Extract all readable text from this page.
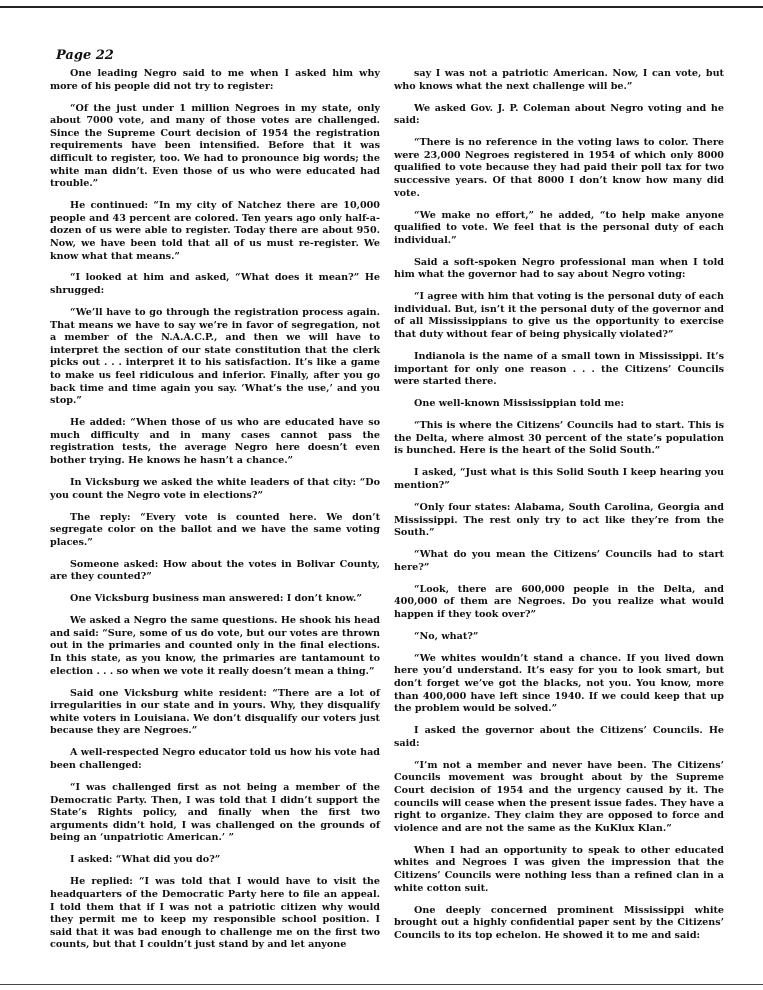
Page 22

One leading Negro said to me when I asked him why more of his people did not try to register:

“Of the just under 1 million Negroes in my state, only about 7000 vote, and many of those votes are challenged. Since the Supreme Court decision of 1954 the registration requirements have been intensified. Before that it was difficult to register, too. We had to pronounce big words; the white man didn’t. Even those of us who were educated had trouble.”

He continued: “In my city of Natchez there are 10,000 people and 43 percent are colored. Ten years ago only half-a-dozen of us were able to register. Today there are about 950. Now, we have been told that all of us must re-register. We know what that means.”

“I looked at him and asked, “What does it mean?” He shrugged:

“We’ll have to go through the registration process again. That means we have to say we’re in favor of segregation, not a member of the N.A.A.C.P., and then we will have to interpret the section of our state constitution that the clerk picks out . . . interpret it to his satisfaction. It’s like a game to make us feel ridiculous and inferior. Finally, after you go back time and time again you say. ‘What’s the use,’ and you stop.”

He added: “When those of us who are educated have so much difficulty and in many cases cannot pass the registration tests, the average Negro here doesn’t even bother trying. He knows he hasn’t a chance.”

In Vicksburg we asked the white leaders of that city: “Do you count the Negro vote in elections?”

The reply: “Every vote is counted here. We don’t segregate color on the ballot and we have the same voting places.”

Someone asked: How about the votes in Bolivar County, are they counted?”

One Vicksburg business man answered: I don’t know.”

We asked a Negro the same questions. He shook his head and said: “Sure, some of us do vote, but our votes are thrown out in the primaries and counted only in the final elections. In this state, as you know, the primaries are tantamount to election . . . so when we vote it really doesn’t mean a thing.”

Said one Vicksburg white resident: “There are a lot of irregularities in our state and in yours. Why, they disqualify white voters in Louisiana. We don’t disqualify our voters just because they are Negroes.”

A well-respected Negro educator told us how his vote had been challenged:

“I was challenged first as not being a member of the Democratic Party. Then, I was told that I didn’t support the State’s Rights policy, and finally when the first two arguments didn’t hold, I was challenged on the grounds of being an ‘unpatriotic American.’ ”

I asked: “What did you do?”

He replied: “I was told that I would have to visit the headquarters of the Democratic Party here to file an appeal. I told them that if I was not a patriotic citizen why would they permit me to keep my responsible school position. I said that it was bad enough to challenge me on the first two counts, but that I couldn’t just stand by and let anyone

say I was not a patriotic American. Now, I can vote, but who knows what the next challenge will be.”

We asked Gov. J. P. Coleman about Negro voting and he said:

“There is no reference in the voting laws to color. There were 23,000 Negroes registered in 1954 of which only 8000 qualified to vote because they had paid their poll tax for two successive years. Of that 8000 I don’t know how many did vote.

“We make no effort,” he added, “to help make anyone qualified to vote. We feel that is the personal duty of each individual.”

Said a soft-spoken Negro professional man when I told him what the governor had to say about Negro voting:

“I agree with him that voting is the personal duty of each individual. But, isn’t it the personal duty of the governor and of all Mississippians to give us the opportunity to exercise that duty without fear of being physically violated?”

Indianola is the name of a small town in Mississippi. It’s important for only one reason . . . the Citizens’ Councils were started there.

One well-known Mississippian told me:

“This is where the Citizens’ Councils had to start. This is the Delta, where almost 30 percent of the state’s population is bunched. Here is the heart of the Solid South.”

I asked, “Just what is this Solid South I keep hearing you mention?”

“Only four states: Alabama, South Carolina, Georgia and Mississippi. The rest only try to act like they’re from the South.”

“What do you mean the Citizens’ Councils had to start here?”

“Look, there are 600,000 people in the Delta, and 400,000 of them are Negroes. Do you realize what would happen if they took over?”

“No, what?”

“We whites wouldn’t stand a chance. If you lived down here you’d understand. It’s easy for you to look smart, but don’t forget we’ve got the blacks, not you. You know, more than 400,000 have left since 1940. If we could keep that up the problem would be solved.”

I asked the governor about the Citizens’ Councils. He said:

“I’m not a member and never have been. The Citizens’ Councils movement was brought about by the Supreme Court decision of 1954 and the urgency caused by it. The councils will cease when the present issue fades. They have a right to organize. They claim they are opposed to force and violence and are not the same as the KuKlux Klan.”

When I had an opportunity to speak to other educated whites and Negroes I was given the impression that the Citizens’ Councils were nothing less than a refined clan in a white cotton suit.

One deeply concerned prominent Mississippi white brought out a highly confidential paper sent by the Citizens’ Councils to its top echelon. He showed it to me and said:
